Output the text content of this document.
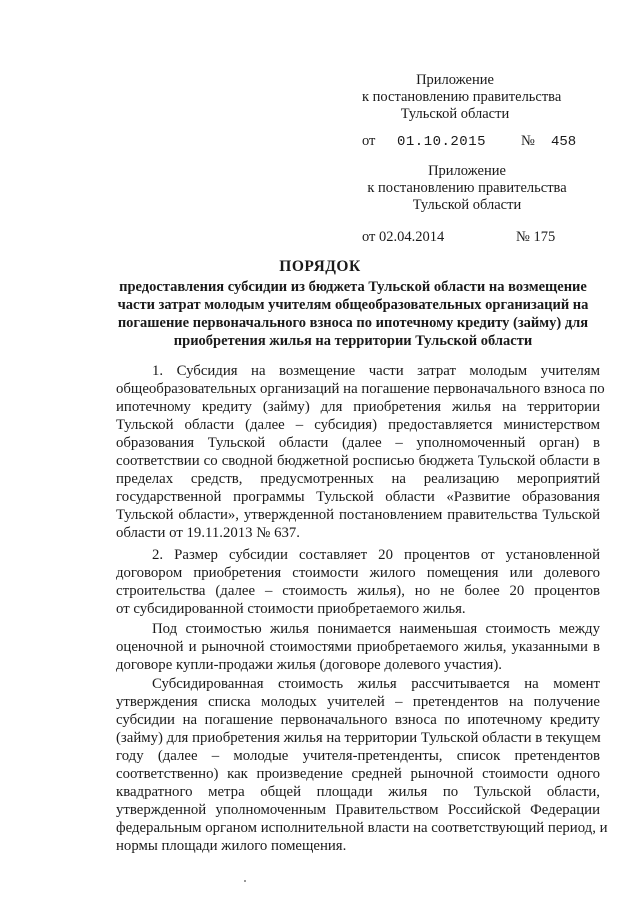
Приложение
к постановлению правительства
Тульской области
от 01.10.2015 № 458
Приложение
к постановлению правительства
Тульской области
от 02.04.2014	№ 175
ПОРЯДОК
предоставления субсидии из бюджета Тульской области на возмещение
части затрат молодым учителям общеобразовательных организаций на
погашение первоначального взноса по ипотечному кредиту (займу) для
приобретения жилья на территории Тульской области

1. Субсидия на возмещение части затрат молодым учителям
общеобразовательных организаций на погашение первоначального взноса по
ипотечному кредиту (займу) для приобретения жилья на территории
Тульской области (далее – субсидия) предоставляется министерством
образования Тульской области (далее – уполномоченный орган) в
соответствии со сводной бюджетной росписью бюджета Тульской области в
пределах средств, предусмотренных на реализацию мероприятий
государственной программы Тульской области «Развитие образования
Тульской области», утвержденной постановлением правительства Тульской
области от 19.11.2013 № 637.

2. Размер субсидии составляет 20 процентов от установленной
договором приобретения стоимости жилого помещения или долевого
строительства (далее – стоимость жилья), но не более 20 процентов
от субсидированной стоимости приобретаемого жилья.

Под стоимостью жилья понимается наименьшая стоимость между
оценочной и рыночной стоимостями приобретаемого жилья, указанными в
договоре купли-продажи жилья (договоре долевого участия).

Субсидированная стоимость жилья рассчитывается на момент
утверждения списка молодых учителей – претендентов на получение
субсидии на погашение первоначального взноса по ипотечному кредиту
(займу) для приобретения жилья на территории Тульской области в текущем
году (далее – молодые учителя-претенденты, список претендентов
соответственно) как произведение средней рыночной стоимости одного
квадратного метра общей площади жилья по Тульской области,
утвержденной уполномоченным Правительством Российской Федерации
федеральным органом исполнительной власти на соответствующий период, и
нормы площади жилого помещения.
